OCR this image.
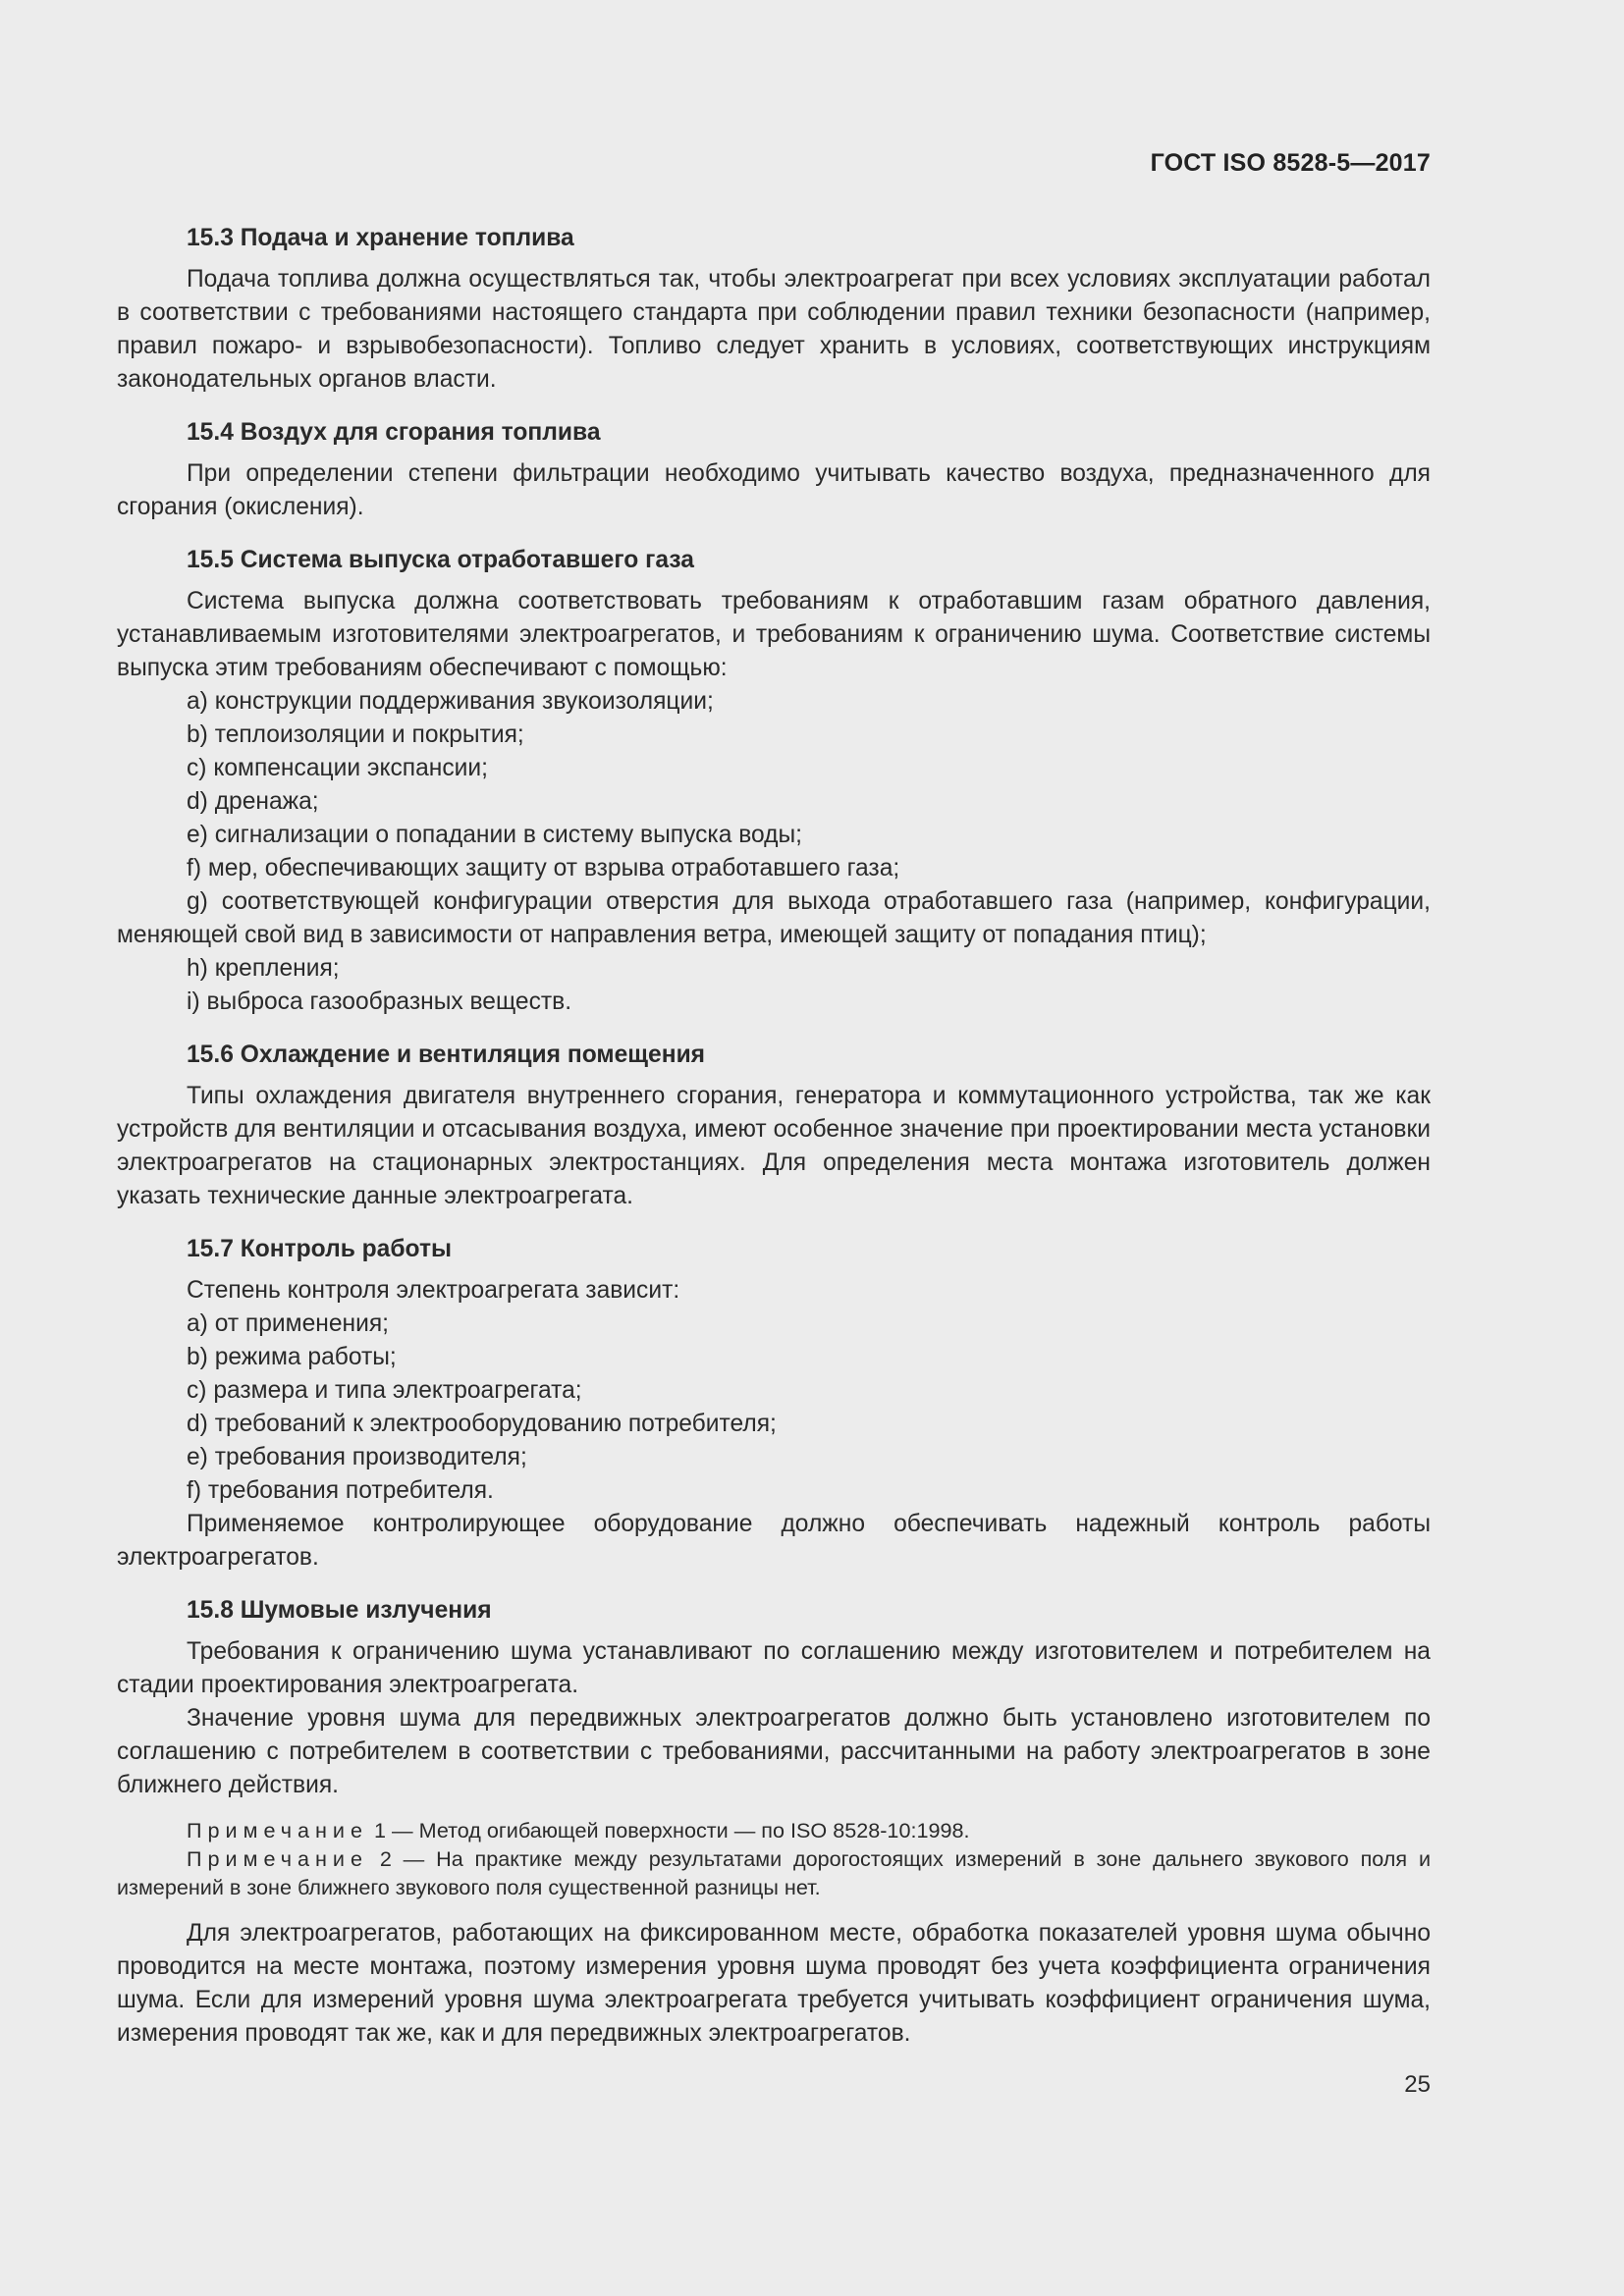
ГОСТ ISO 8528-5—2017
15.3 Подача и хранение топлива

Подача топлива должна осуществляться так, чтобы электроагрегат при всех условиях эксплуатации работал в соответствии с требованиями настоящего стандарта при соблюдении правил техники безопасности (например, правил пожаро- и взрывобезопасности). Топливо следует хранить в условиях, соответствующих инструкциям законодательных органов власти.

15.4 Воздух для сгорания топлива

При определении степени фильтрации необходимо учитывать качество воздуха, предназначенного для сгорания (окисления).

15.5 Система выпуска отработавшего газа

Система выпуска должна соответствовать требованиям к отработавшим газам обратного давления, устанавливаемым изготовителями электроагрегатов, и требованиям к ограничению шума. Соответствие системы выпуска этим требованиям обеспечивают с помощью:

a) конструкции поддерживания звукоизоляции;
b) теплоизоляции и покрытия;
c) компенсации экспансии;
d) дренажа;
e) сигнализации о попадании в систему выпуска воды;
f) мер, обеспечивающих защиту от взрыва отработавшего газа;
g) соответствующей конфигурации отверстия для выхода отработавшего газа (например, конфигурации, меняющей свой вид в зависимости от направления ветра, имеющей защиту от попадания птиц);
h) крепления;
i) выброса газообразных веществ.
15.6 Охлаждение и вентиляция помещения

Типы охлаждения двигателя внутреннего сгорания, генератора и коммутационного устройства, так же как устройств для вентиляции и отсасывания воздуха, имеют особенное значение при проектировании места установки электроагрегатов на стационарных электростанциях. Для определения места монтажа изготовитель должен указать технические данные электроагрегата.

15.7 Контроль работы

Степень контроля электроагрегата зависит:

a) от применения;
b) режима работы;
c) размера и типа электроагрегата;
d) требований к электрооборудованию потребителя;
e) требования производителя;
f) требования потребителя.

Применяемое контролирующее оборудование должно обеспечивать надежный контроль работы электроагрегатов.

15.8 Шумовые излучения

Требования к ограничению шума устанавливают по соглашению между изготовителем и потребителем на стадии проектирования электроагрегата.

Значение уровня шума для передвижных электроагрегатов должно быть установлено изготовителем по соглашению с потребителем в соответствии с требованиями, рассчитанными на работу электроагрегатов в зоне ближнего действия.

Примечание 1 — Метод огибающей поверхности — по ISO 8528-10:1998.
Примечание 2 — На практике между результатами дорогостоящих измерений в зоне дальнего звукового поля и измерений в зоне ближнего звукового поля существенной разницы нет.

Для электроагрегатов, работающих на фиксированном месте, обработка показателей уровня шума обычно проводится на месте монтажа, поэтому измерения уровня шума проводят без учета коэффициента ограничения шума. Если для измерений уровня шума электроагрегата требуется учитывать коэффициент ограничения шума, измерения проводят так же, как и для передвижных электроагрегатов.

25
